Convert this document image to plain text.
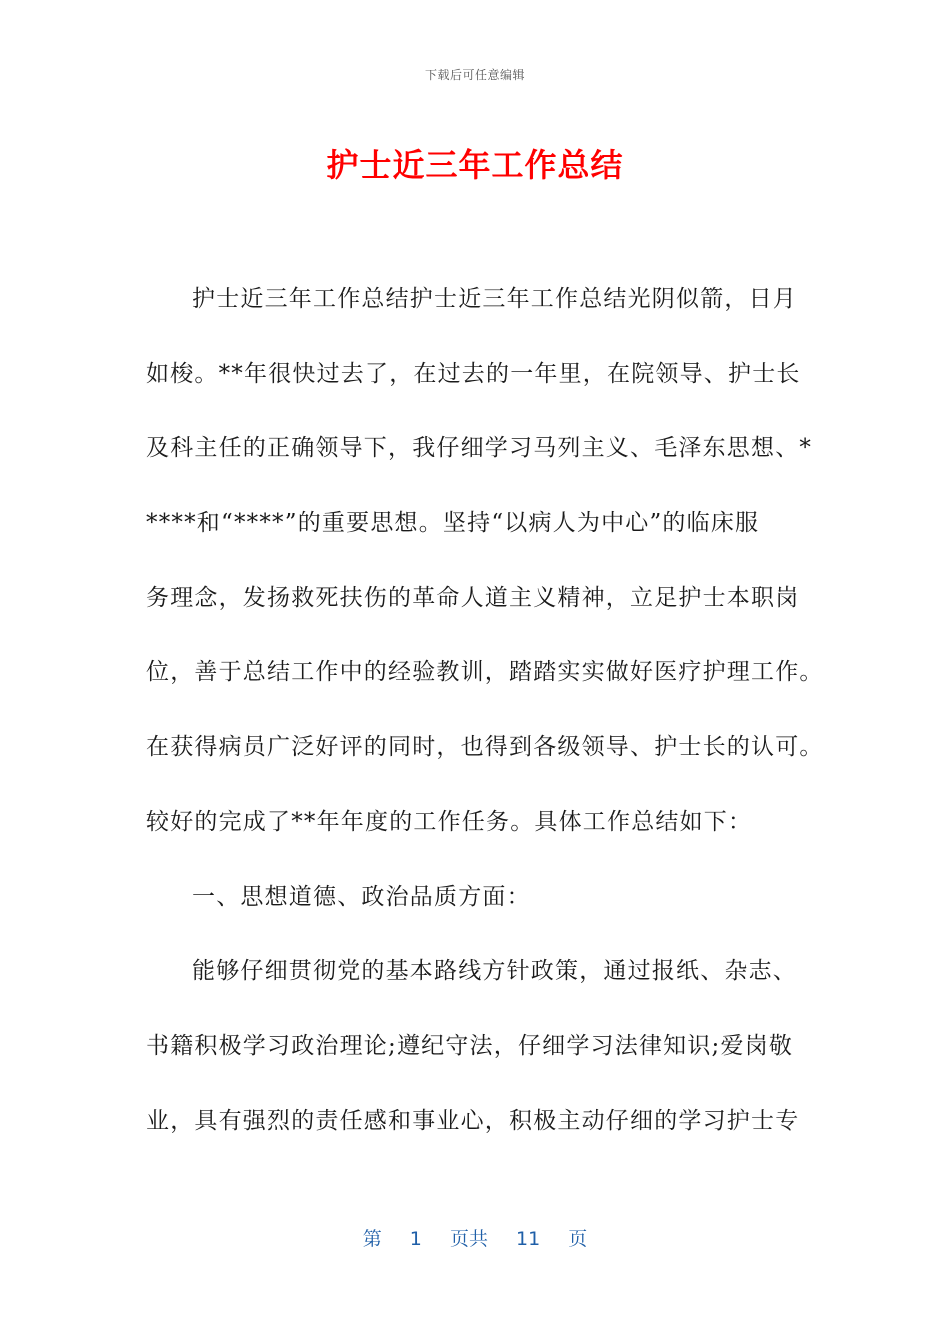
下载后可任意编辑
护士近三年工作总结
护士近三年工作总结护士近三年工作总结光阴似箭，日月
如梭。**年很快过去了，在过去的一年里，在院领导、护士长
及科主任的正确领导下，我仔细学习马列主义、毛泽东思想、*
****和“****”的重要思想。坚持“以病人为中心”的临床服
务理念，发扬救死扶伤的革命人道主义精神，立足护士本职岗
位，善于总结工作中的经验教训，踏踏实实做好医疗护理工作。
在获得病员广泛好评的同时，也得到各级领导、护士长的认可。
较好的完成了**年年度的工作任务。具体工作总结如下：
一、思想道德、政治品质方面：
能够仔细贯彻党的基本路线方针政策，通过报纸、杂志、
书籍积极学习政治理论;遵纪守法，仔细学习法律知识;爱岗敬
业，具有强烈的责任感和事业心，积极主动仔细的学习护士专
第 1 页共 11 页
